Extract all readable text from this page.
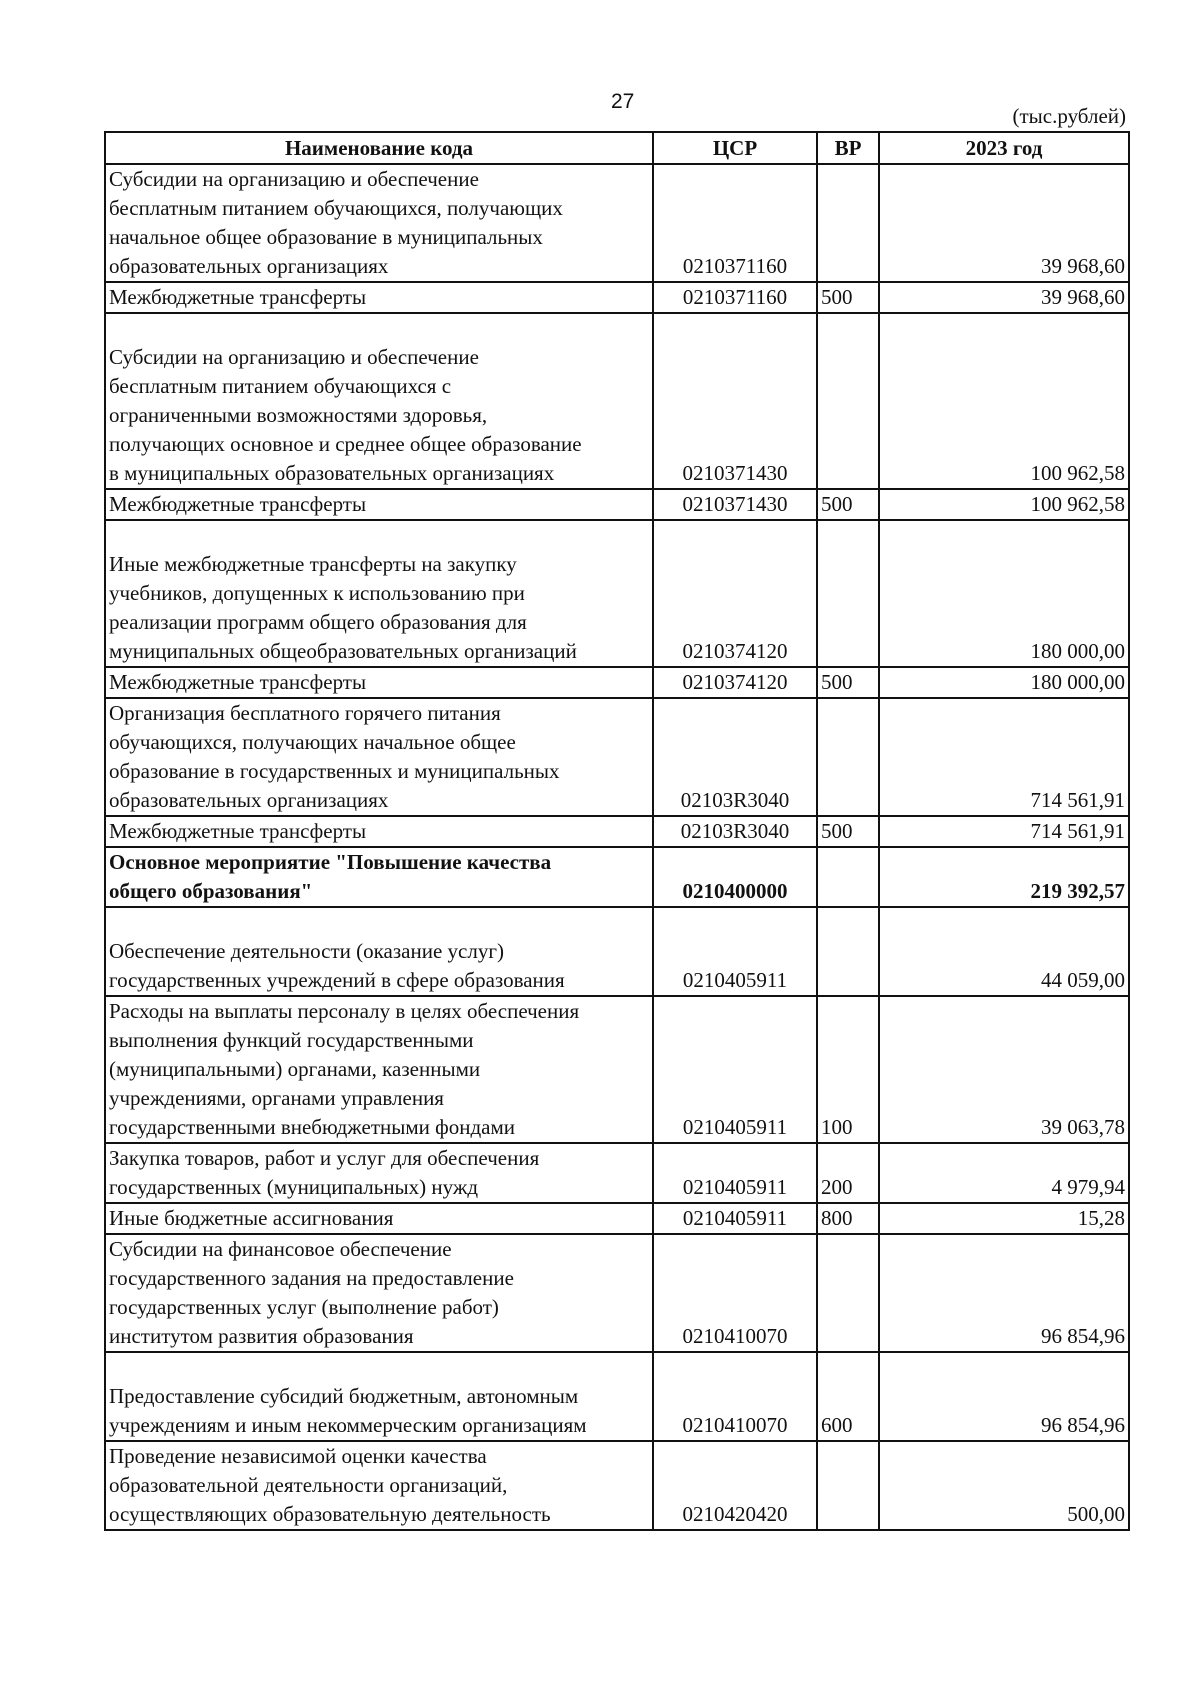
27
(тыс.рублей)
Наименование кода	ЦСР	ВР	2023 год
Субсидии на организацию и обеспечение
бесплатным питанием обучающихся, получающих
начальное общее образование в муниципальных
образовательных организациях	0210371160		39 968,60
Межбюджетные трансферты	0210371160	500	39 968,60
Субсидии на организацию и обеспечение
бесплатным питанием обучающихся с
ограниченными возможностями здоровья,
получающих основное и среднее общее образование
в муниципальных образовательных организациях	0210371430		100 962,58
Межбюджетные трансферты	0210371430	500	100 962,58
Иные межбюджетные трансферты на закупку
учебников, допущенных к использованию при
реализации программ общего образования для
муниципальных общеобразовательных организаций	0210374120		180 000,00
Межбюджетные трансферты	0210374120	500	180 000,00
Организация бесплатного горячего питания
обучающихся, получающих начальное общее
образование в государственных и муниципальных
образовательных организациях	02103R3040		714 561,91
Межбюджетные трансферты	02103R3040	500	714 561,91
Основное мероприятие "Повышение качества
общего образования"	0210400000		219 392,57
Обеспечение деятельности (оказание услуг)
государственных учреждений в сфере образования	0210405911		44 059,00
Расходы на выплаты персоналу в целях обеспечения
выполнения функций государственными
(муниципальными) органами, казенными
учреждениями, органами управления
государственными внебюджетными фондами	0210405911	100	39 063,78
Закупка товаров, работ и услуг для обеспечения
государственных (муниципальных) нужд	0210405911	200	4 979,94
Иные бюджетные ассигнования	0210405911	800	15,28
Субсидии на финансовое обеспечение
государственного задания на предоставление
государственных услуг (выполнение работ)
институтом развития образования	0210410070		96 854,96
Предоставление субсидий бюджетным, автономным
учреждениям и иным некоммерческим организациям	0210410070	600	96 854,96
Проведение независимой оценки качества
образовательной деятельности организаций,
осуществляющих образовательную деятельность	0210420420		500,00
